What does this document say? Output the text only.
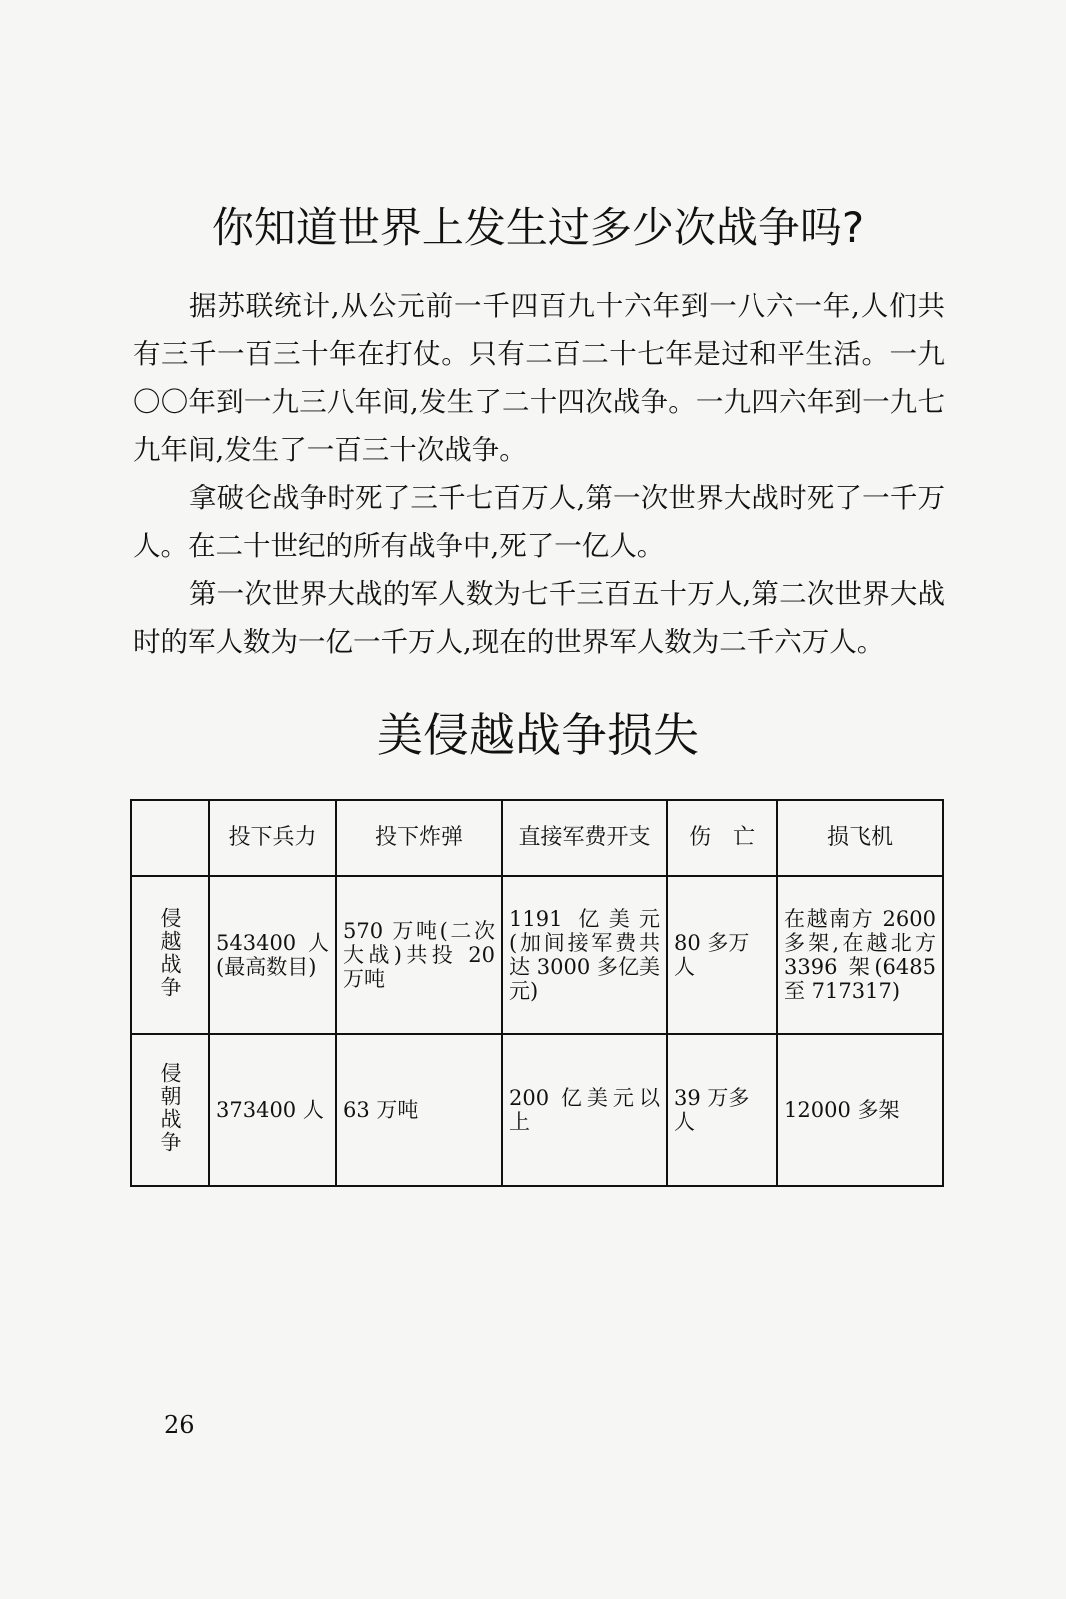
你知道世界上发生过多少次战争吗?

据苏联统计,从公元前一千四百九十六年到一八六一年,人们共有三千一百三十年在打仗。只有二百二十七年是过和平生活。一九〇〇年到一九三八年间,发生了二十四次战争。一九四六年到一九七九年间,发生了一百三十次战争。

拿破仑战争时死了三千七百万人,第一次世界大战时死了一千万人。在二十世纪的所有战争中,死了一亿人。

第一次世界大战的军人数为七千三百五十万人,第二次世界大战时的军人数为一亿一千万人,现在的世界军人数为二千六万人。

美侵越战争损失
	投下兵力	投下炸弹	直接军费开支	伤　亡	损飞机
侵越战争	543400 人(最高数目)	570 万吨(二次大战)共投 20 万吨	1191 亿美元(加间接军费共达 3000 多亿美元)	80 多万人	在越南方 2600 多架,在越北方 3396 架(6485 至 717317)
侵朝战争	373400 人	63 万吨	200 亿美元以上	39 万多人	12000 多架
26
